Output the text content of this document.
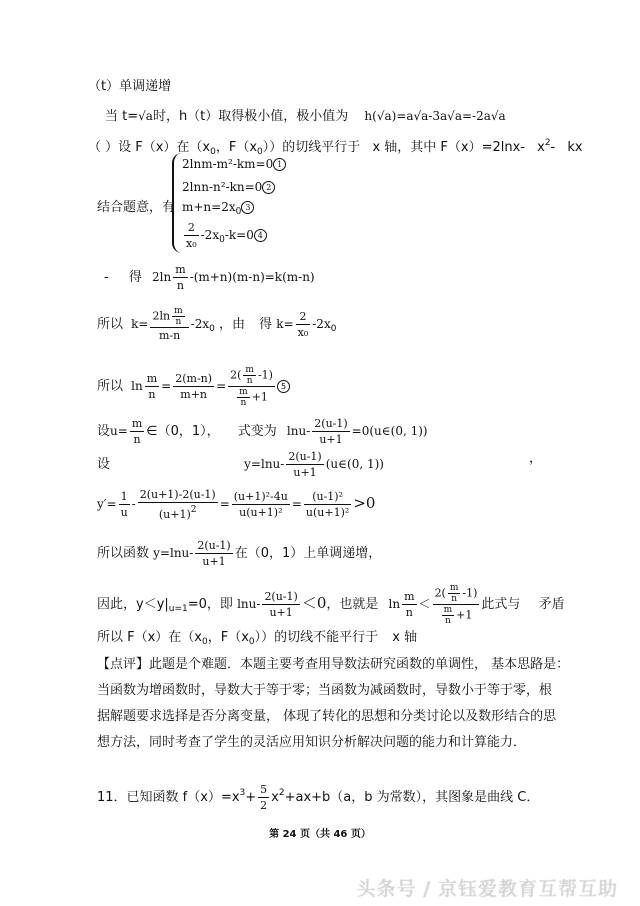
（t）单调递增
当 t=√a时，h（t）取得极小值，极小值为 h(√a)=a√a-3a√a=-2a√a
（ ）设 F（x）在（$x_0$，$F(x_0)$）的切线平行于 x 轴，其中 F（x）=2lnx- $x^2-$ kx
结合题意，有
2lnm-m²-km=0 1
2lnn-n²-kn=0 2
$m+n=2x_0$ 3
$\frac{2}{\text{x₀}} -2x_0-k=0$ 4
- 得 $2\ln \frac{m}{n} -(m+n)(m-n)=k(m-n)$
所以 $k= \frac{2\ln \frac{m}{n}}{m-n} -2x_0$ ，由 得 $k= \frac{2}{\text{x₀}} -2x_0$
所以 $\ln \frac{m}{n} = \frac{2(m-n)}{m+n} = \frac{2( \frac{m}{n} -1)}{\frac{m}{n} +1} 5$
设$u= \frac{m}{n}$ ∈（0，1）， 式变为 $\ln u- \frac{2(u-1)}{u+1}$ =0(u∈(0, 1))
设	$y=\ln u- \frac{2(u-1)}{u+1}$ (u∈(0, 1))	，
$y'= \frac{1}{u} - \frac{2(u+1)-2(u-1)}{(u+1)^2} = \frac{\text{(u+1)²-4u}}{\text{u(u+1)²}} = \frac{\text{(u-1)²}}{\text{u(u+1)²}} >0$
所以函数 $y=\ln u- \frac{2(u-1)}{u+1}$ 在（0，1）上单调递增，
因此，$y<y|_{u=1}=0$，即 $\ln u- \frac{2(u-1)}{u+1} <0$，也就是 $\ln \frac{m}{n} < \frac{2( \frac{m}{n} -1)}{\frac{m}{n} +1}$ 此式与 矛盾
所以 F（x）在（$x_0$，$F(x_0)$）的切线不能平行于 x 轴
【点评】此题是个难题．本题主要考查用导数法研究函数的单调性， 基本思路是：
当函数为增函数时，导数大于等于零；当函数为减函数时，导数小于等于零，根
据解题要求选择是否分离变量， 体现了转化的思想和分类讨论以及数形结合的思
想方法，同时考查了学生的灵活应用知识分析解决问题的能力和计算能力．
11．已知函数 $f(x)=x^3+ \frac{5}{2} x^2+ax+b(a$，b 为常数），其图象是曲线 C．
第 24 页（共 46 页）
头条号 / 京钰爱教育互帮互助
